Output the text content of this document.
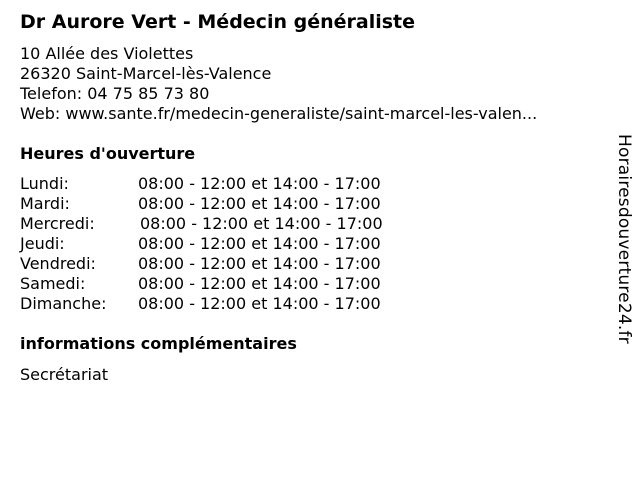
Dr Aurore Vert - Médecin généraliste
10 Allée des Violettes
26320 Saint-Marcel-lès-Valence
Telefon: 04 75 85 73 80
Web: www.sante.fr/medecin-generaliste/saint-marcel-les-valen...
Heures d'ouverture
Lundi:	08:00 - 12:00 et 14:00 - 17:00
Mardi:	08:00 - 12:00 et 14:00 - 17:00
Mercredi:	08:00 - 12:00 et 14:00 - 17:00
Jeudi:	08:00 - 12:00 et 14:00 - 17:00
Vendredi:	08:00 - 12:00 et 14:00 - 17:00
Samedi:	08:00 - 12:00 et 14:00 - 17:00
Dimanche: 08:00 - 12:00 et 14:00 - 17:00
informations complémentaires
Secrétariat
Horairesdouverture24.fr
